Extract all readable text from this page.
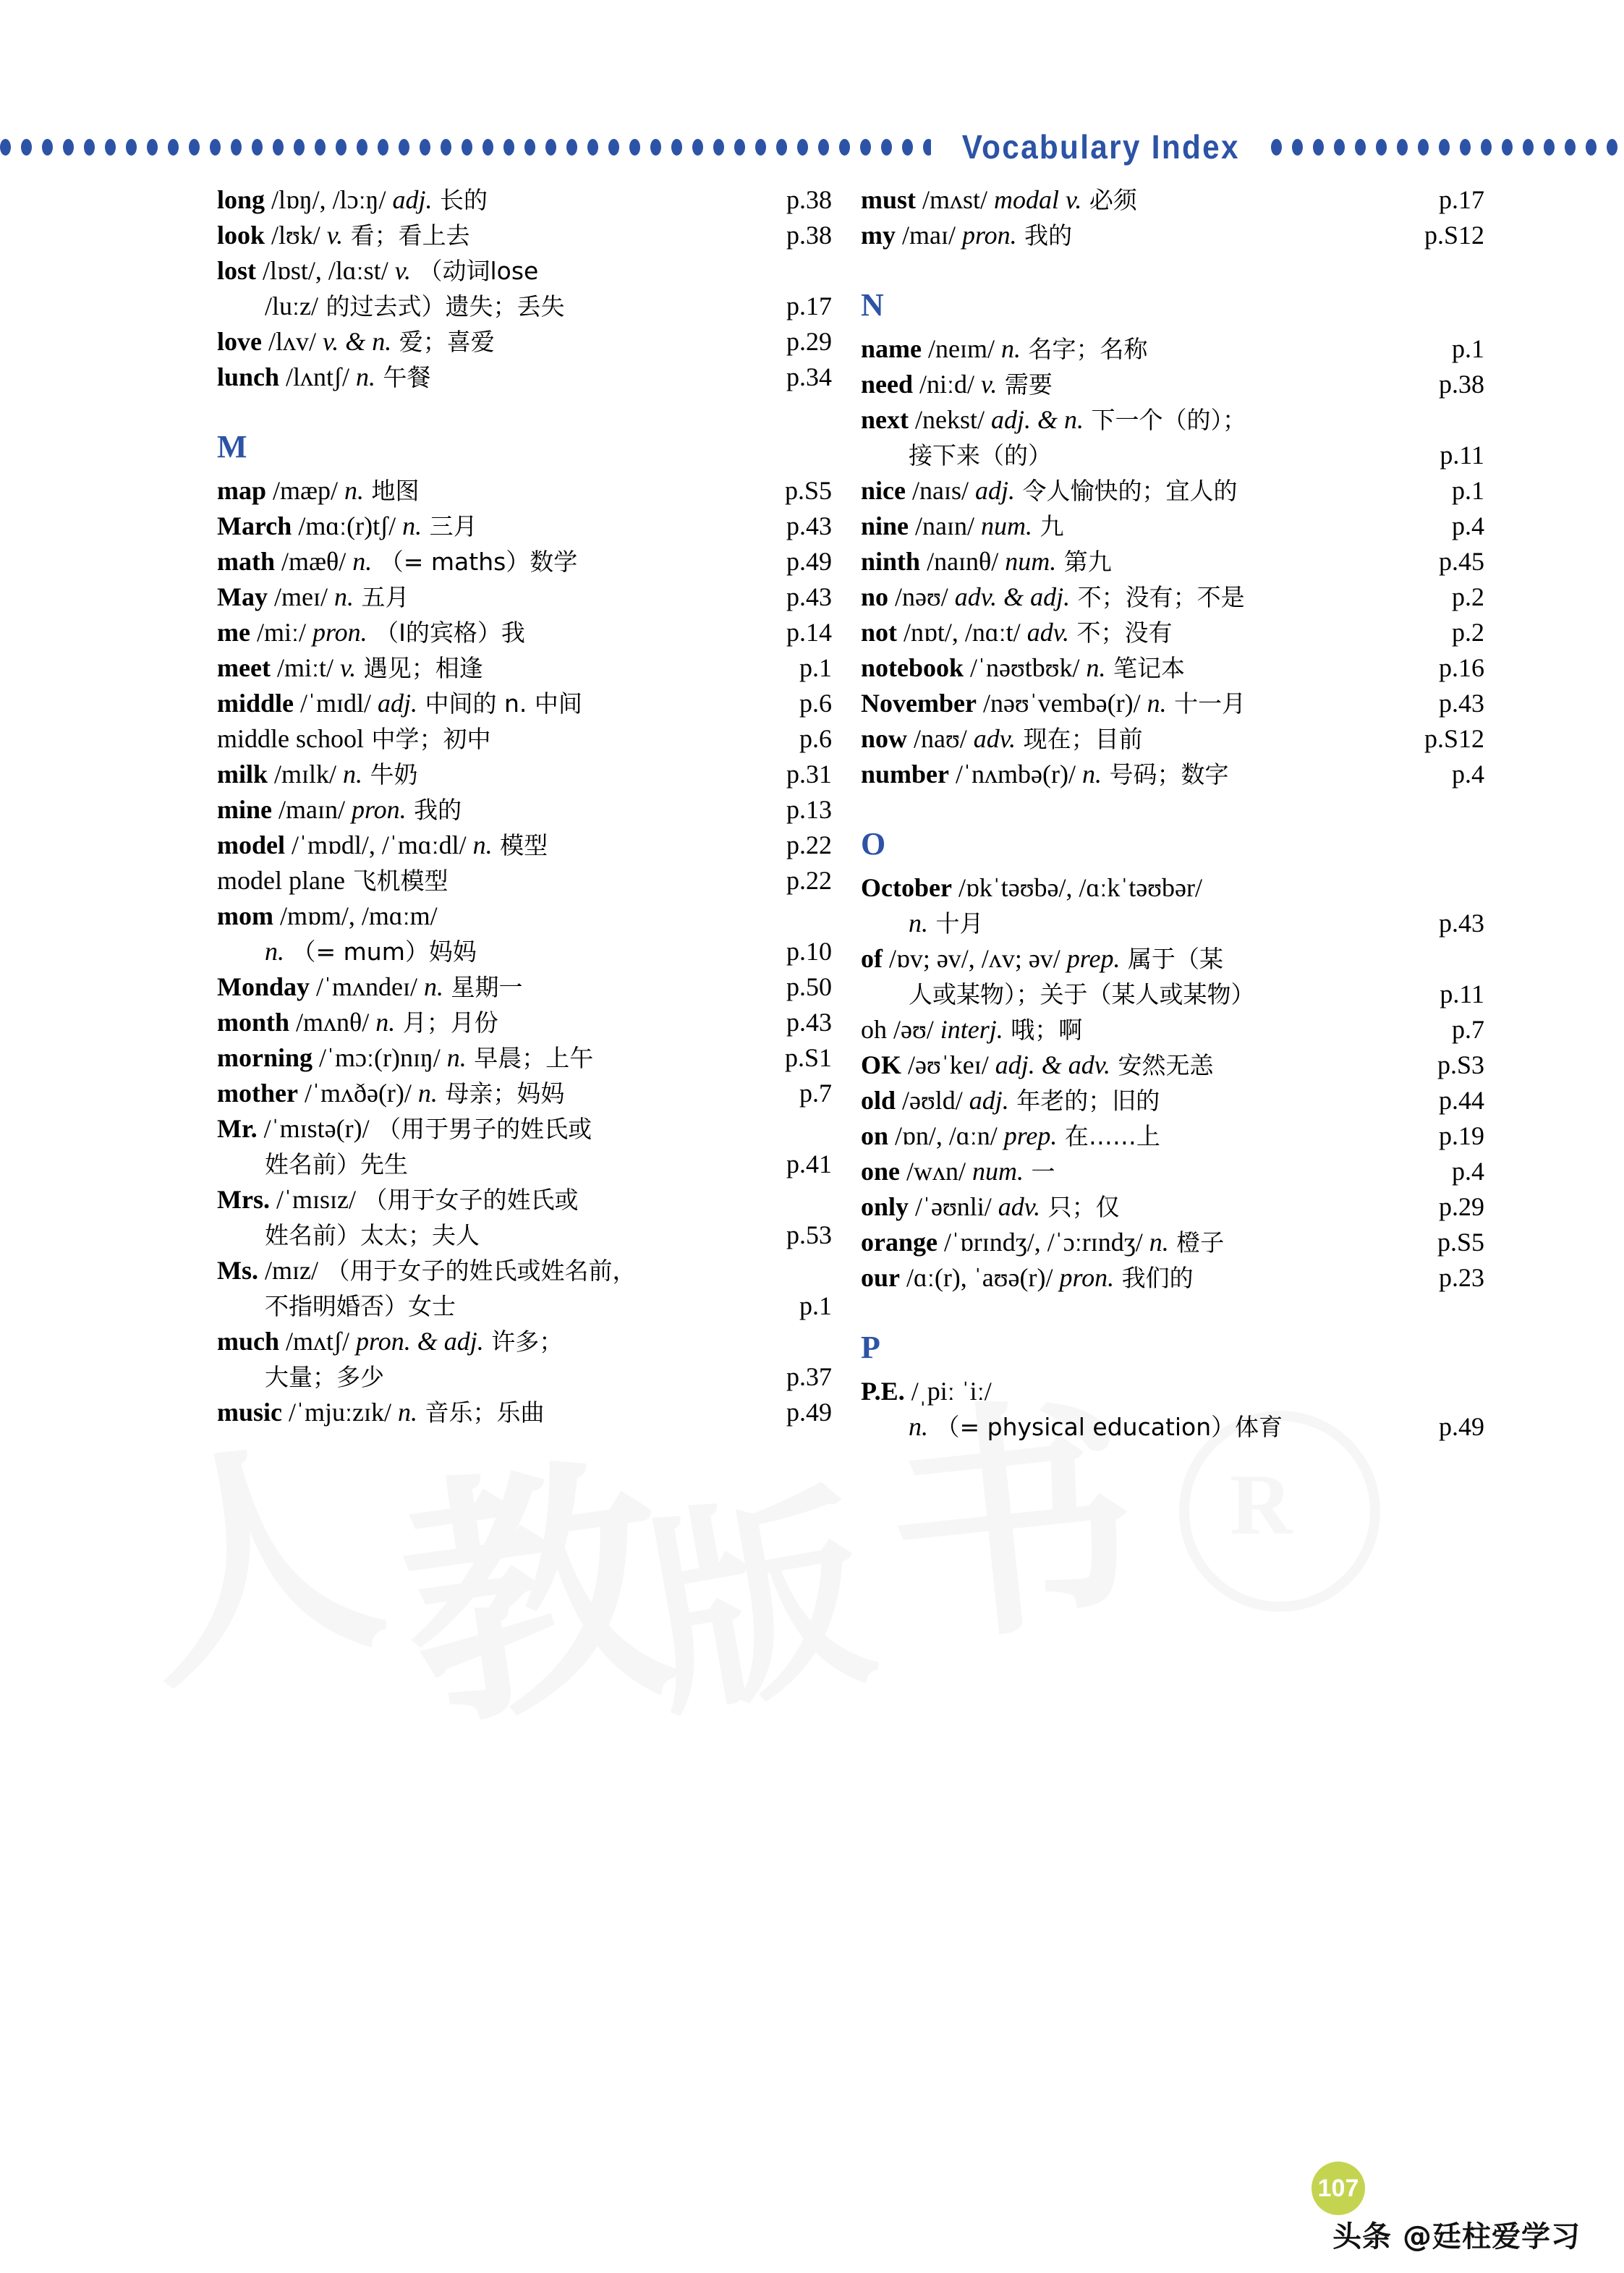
Vocabulary Index
long /lɒŋ/, /lɔːŋ/ adj. 长的	p.38
look /lʊk/ v. 看；看上去	p.38
lost /lɒst/, /lɑːst/ v. （动词lose
/luːz/ 的过去式）遗失；丢失	p.17
love /lʌv/ v. & n. 爱；喜爱	p.29
lunch /lʌntʃ/ n. 午餐	p.34
M
map /mæp/ n. 地图	p.S5
March /mɑː(r)tʃ/ n. 三月	p.43
math /mæθ/ n. （= maths）数学	p.49
May /meɪ/ n. 五月	p.43
me /miː/ pron. （I的宾格）我	p.14
meet /miːt/ v. 遇见；相逢	p.1
middle /ˈmɪdl/ adj. 中间的 n. 中间	p.6
middle school 中学；初中	p.6
milk /mɪlk/ n. 牛奶	p.31
mine /maɪn/ pron. 我的	p.13
model /ˈmɒdl/, /ˈmɑːdl/ n. 模型	p.22
model plane 飞机模型	p.22
mom /mɒm/, /mɑːm/
n. （= mum）妈妈	p.10
Monday /ˈmʌndeɪ/ n. 星期一	p.50
month /mʌnθ/ n. 月；月份	p.43
morning /ˈmɔː(r)nɪŋ/ n. 早晨；上午	p.S1
mother /ˈmʌðə(r)/ n. 母亲；妈妈	p.7
Mr. /ˈmɪstə(r)/ （用于男子的姓氏或
姓名前）先生	p.41
Mrs. /ˈmɪsɪz/ （用于女子的姓氏或
姓名前）太太；夫人	p.53
Ms. /mɪz/ （用于女子的姓氏或姓名前，
不指明婚否）女士	p.1
much /mʌtʃ/ pron. & adj. 许多；
大量；多少	p.37
music /ˈmjuːzɪk/ n. 音乐；乐曲	p.49
must /mʌst/ modal v. 必须	p.17
my /maɪ/ pron. 我的	p.S12
N
name /neɪm/ n. 名字；名称	p.1
need /niːd/ v. 需要	p.38
next /nekst/ adj. & n. 下一个（的）；
接下来（的）	p.11
nice /naɪs/ adj. 令人愉快的；宜人的	p.1
nine /naɪn/ num. 九	p.4
ninth /naɪnθ/ num. 第九	p.45
no /nəʊ/ adv. & adj. 不；没有；不是	p.2
not /nɒt/, /nɑːt/ adv. 不；没有	p.2
notebook /ˈnəʊtbʊk/ n. 笔记本	p.16
November /nəʊˈvembə(r)/ n. 十一月	p.43
now /naʊ/ adv. 现在；目前	p.S12
number /ˈnʌmbə(r)/ n. 号码；数字	p.4
O
October /ɒkˈtəʊbə/, /ɑːkˈtəʊbər/
n. 十月	p.43
of /ɒv; əv/, /ʌv; əv/ prep. 属于（某
人或某物）；关于（某人或某物）	p.11
oh /əʊ/ interj. 哦；啊	p.7
OK /əʊˈkeɪ/ adj. & adv. 安然无恙	p.S3
old /əʊld/ adj. 年老的；旧的	p.44
on /ɒn/, /ɑːn/ prep. 在……上	p.19
one /wʌn/ num. 一	p.4
only /ˈəʊnli/ adv. 只；仅	p.29
orange /ˈɒrɪndʒ/, /ˈɔːrɪndʒ/ n. 橙子	p.S5
our /ɑː(r), ˈaʊə(r)/ pron. 我们的	p.23
P
P.E. /ˌpiː ˈiː/
n. （= physical education）体育	p.49
107
头条 @廷柱爱学习
